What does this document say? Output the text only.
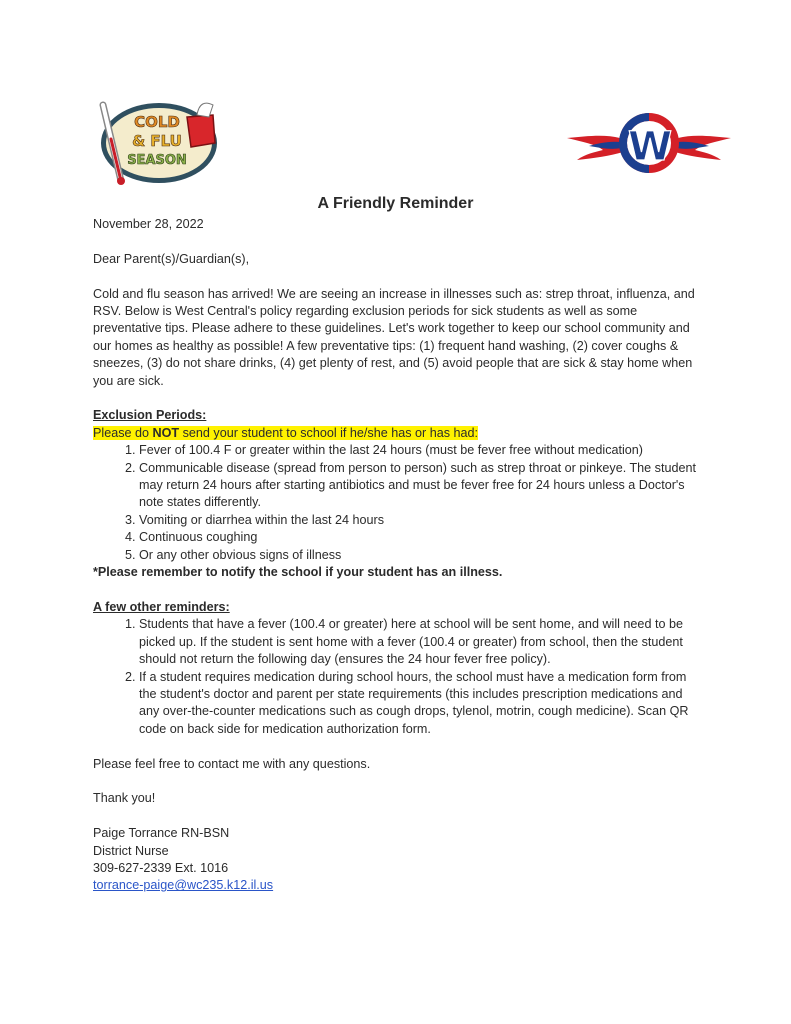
COLD
& FLU
SEASON	W
A Friendly Reminder

November 28, 2022

Dear Parent(s)/Guardian(s),

Cold and flu season has arrived! We are seeing an increase in illnesses such as: strep throat, influenza, and RSV. Below is West Central's policy regarding exclusion periods for sick students as well as some preventative tips. Please adhere to these guidelines. Let's work together to keep our school community and our homes as healthy as possible! A few preventative tips: (1) frequent hand washing, (2) cover coughs & sneezes, (3) do not share drinks, (4) get plenty of rest, and (5) avoid people that are sick & stay home when you are sick.

Exclusion Periods:

Please do NOT send your student to school if he/she has or has had:

1. Fever of 100.4 F or greater within the last 24 hours (must be fever free without medication)
2. Communicable disease (spread from person to person) such as strep throat or pinkeye. The student may return 24 hours after starting antibiotics and must be fever free for 24 hours unless a Doctor's note states differently.
3. Vomiting or diarrhea within the last 24 hours
4. Continuous coughing
5. Or any other obvious signs of illness

*Please remember to notify the school if your student has an illness.

A few other reminders:

1. Students that have a fever (100.4 or greater) here at school will be sent home, and will need to be picked up. If the student is sent home with a fever (100.4 or greater) from school, then the student should not return the following day (ensures the 24 hour fever free policy).
2. If a student requires medication during school hours, the school must have a medication form from the student's doctor and parent per state requirements (this includes prescription medications and any over-the-counter medications such as cough drops, tylenol, motrin, cough medicine). Scan QR code on back side for medication authorization form.

Please feel free to contact me with any questions.

Thank you!

Paige Torrance RN-BSN

District Nurse

309-627-2339 Ext. 1016

torrance-paige@wc235.k12.il.us
